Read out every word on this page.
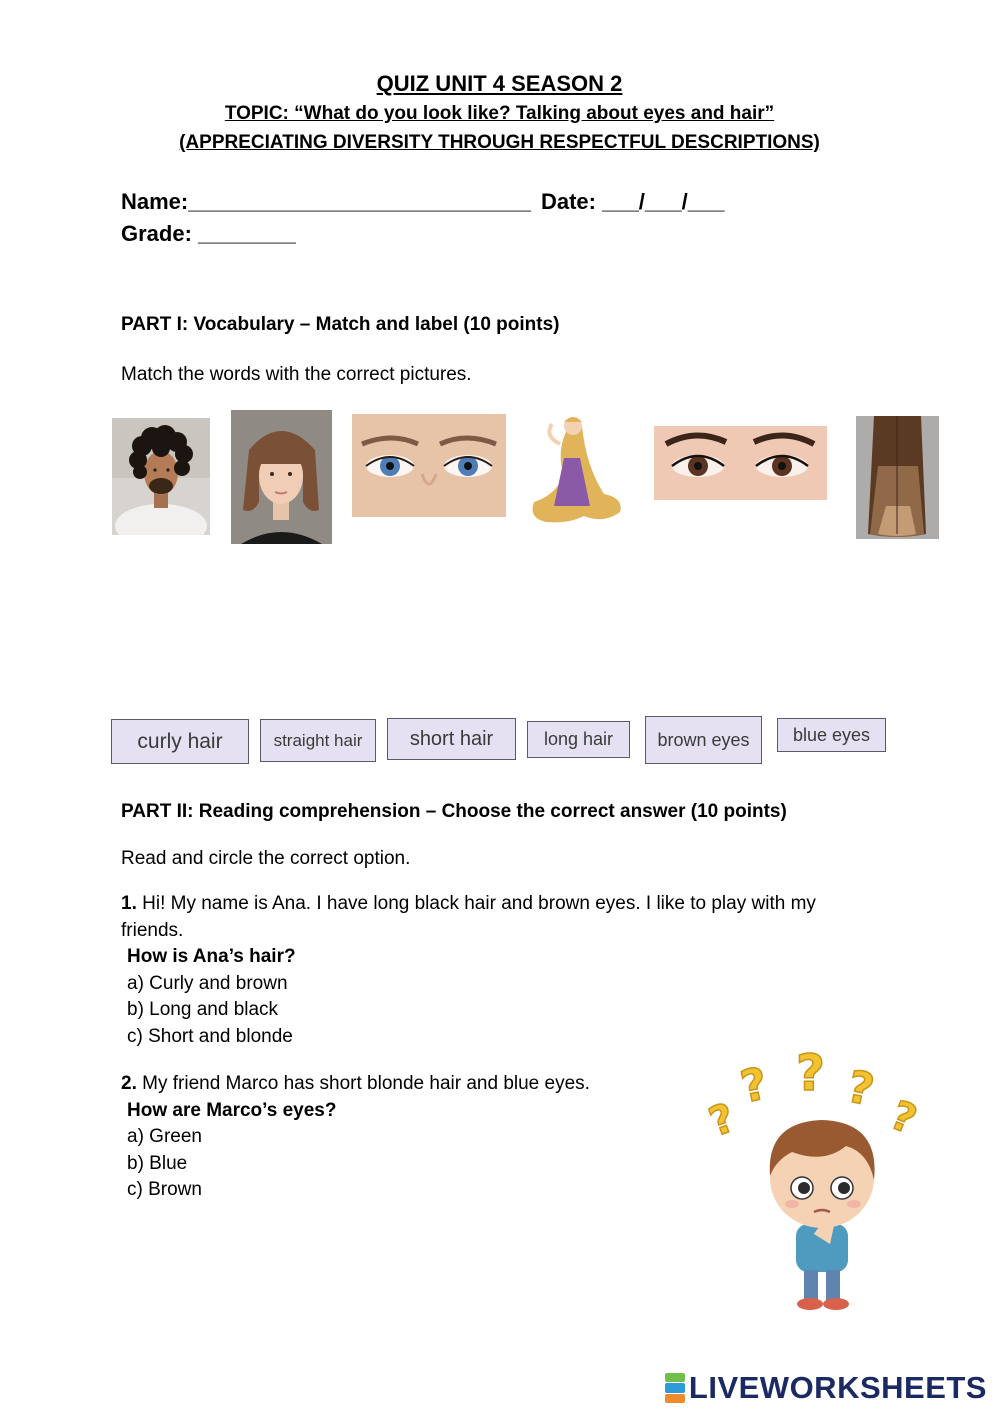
QUIZ UNIT 4 SEASON 2
TOPIC: “What do you look like? Talking about eyes and hair”
(APPRECIATING DIVERSITY THROUGH RESPECTFUL DESCRIPTIONS)
Name:____________________________ Date: ___/___/___
Grade: ________
PART I: Vocabulary – Match and label (10 points)
Match the words with the correct pictures.
curly hair	straight hair	short hair	long hair	brown eyes	blue eyes
PART II: Reading comprehension – Choose the correct answer (10 points)
Read and circle the correct option.
1. Hi! My name is Ana. I have long black hair and brown eyes. I like to play with my
friends.
How is Ana’s hair?
a) Curly and brown
b) Long and black
c) Short and blonde
2. My friend Marco has short blonde hair and blue eyes.
How are Marco’s eyes?
a) Green
b) Blue
c) Brown
?
? ? ?
?
LIVEWORKSHEETS
